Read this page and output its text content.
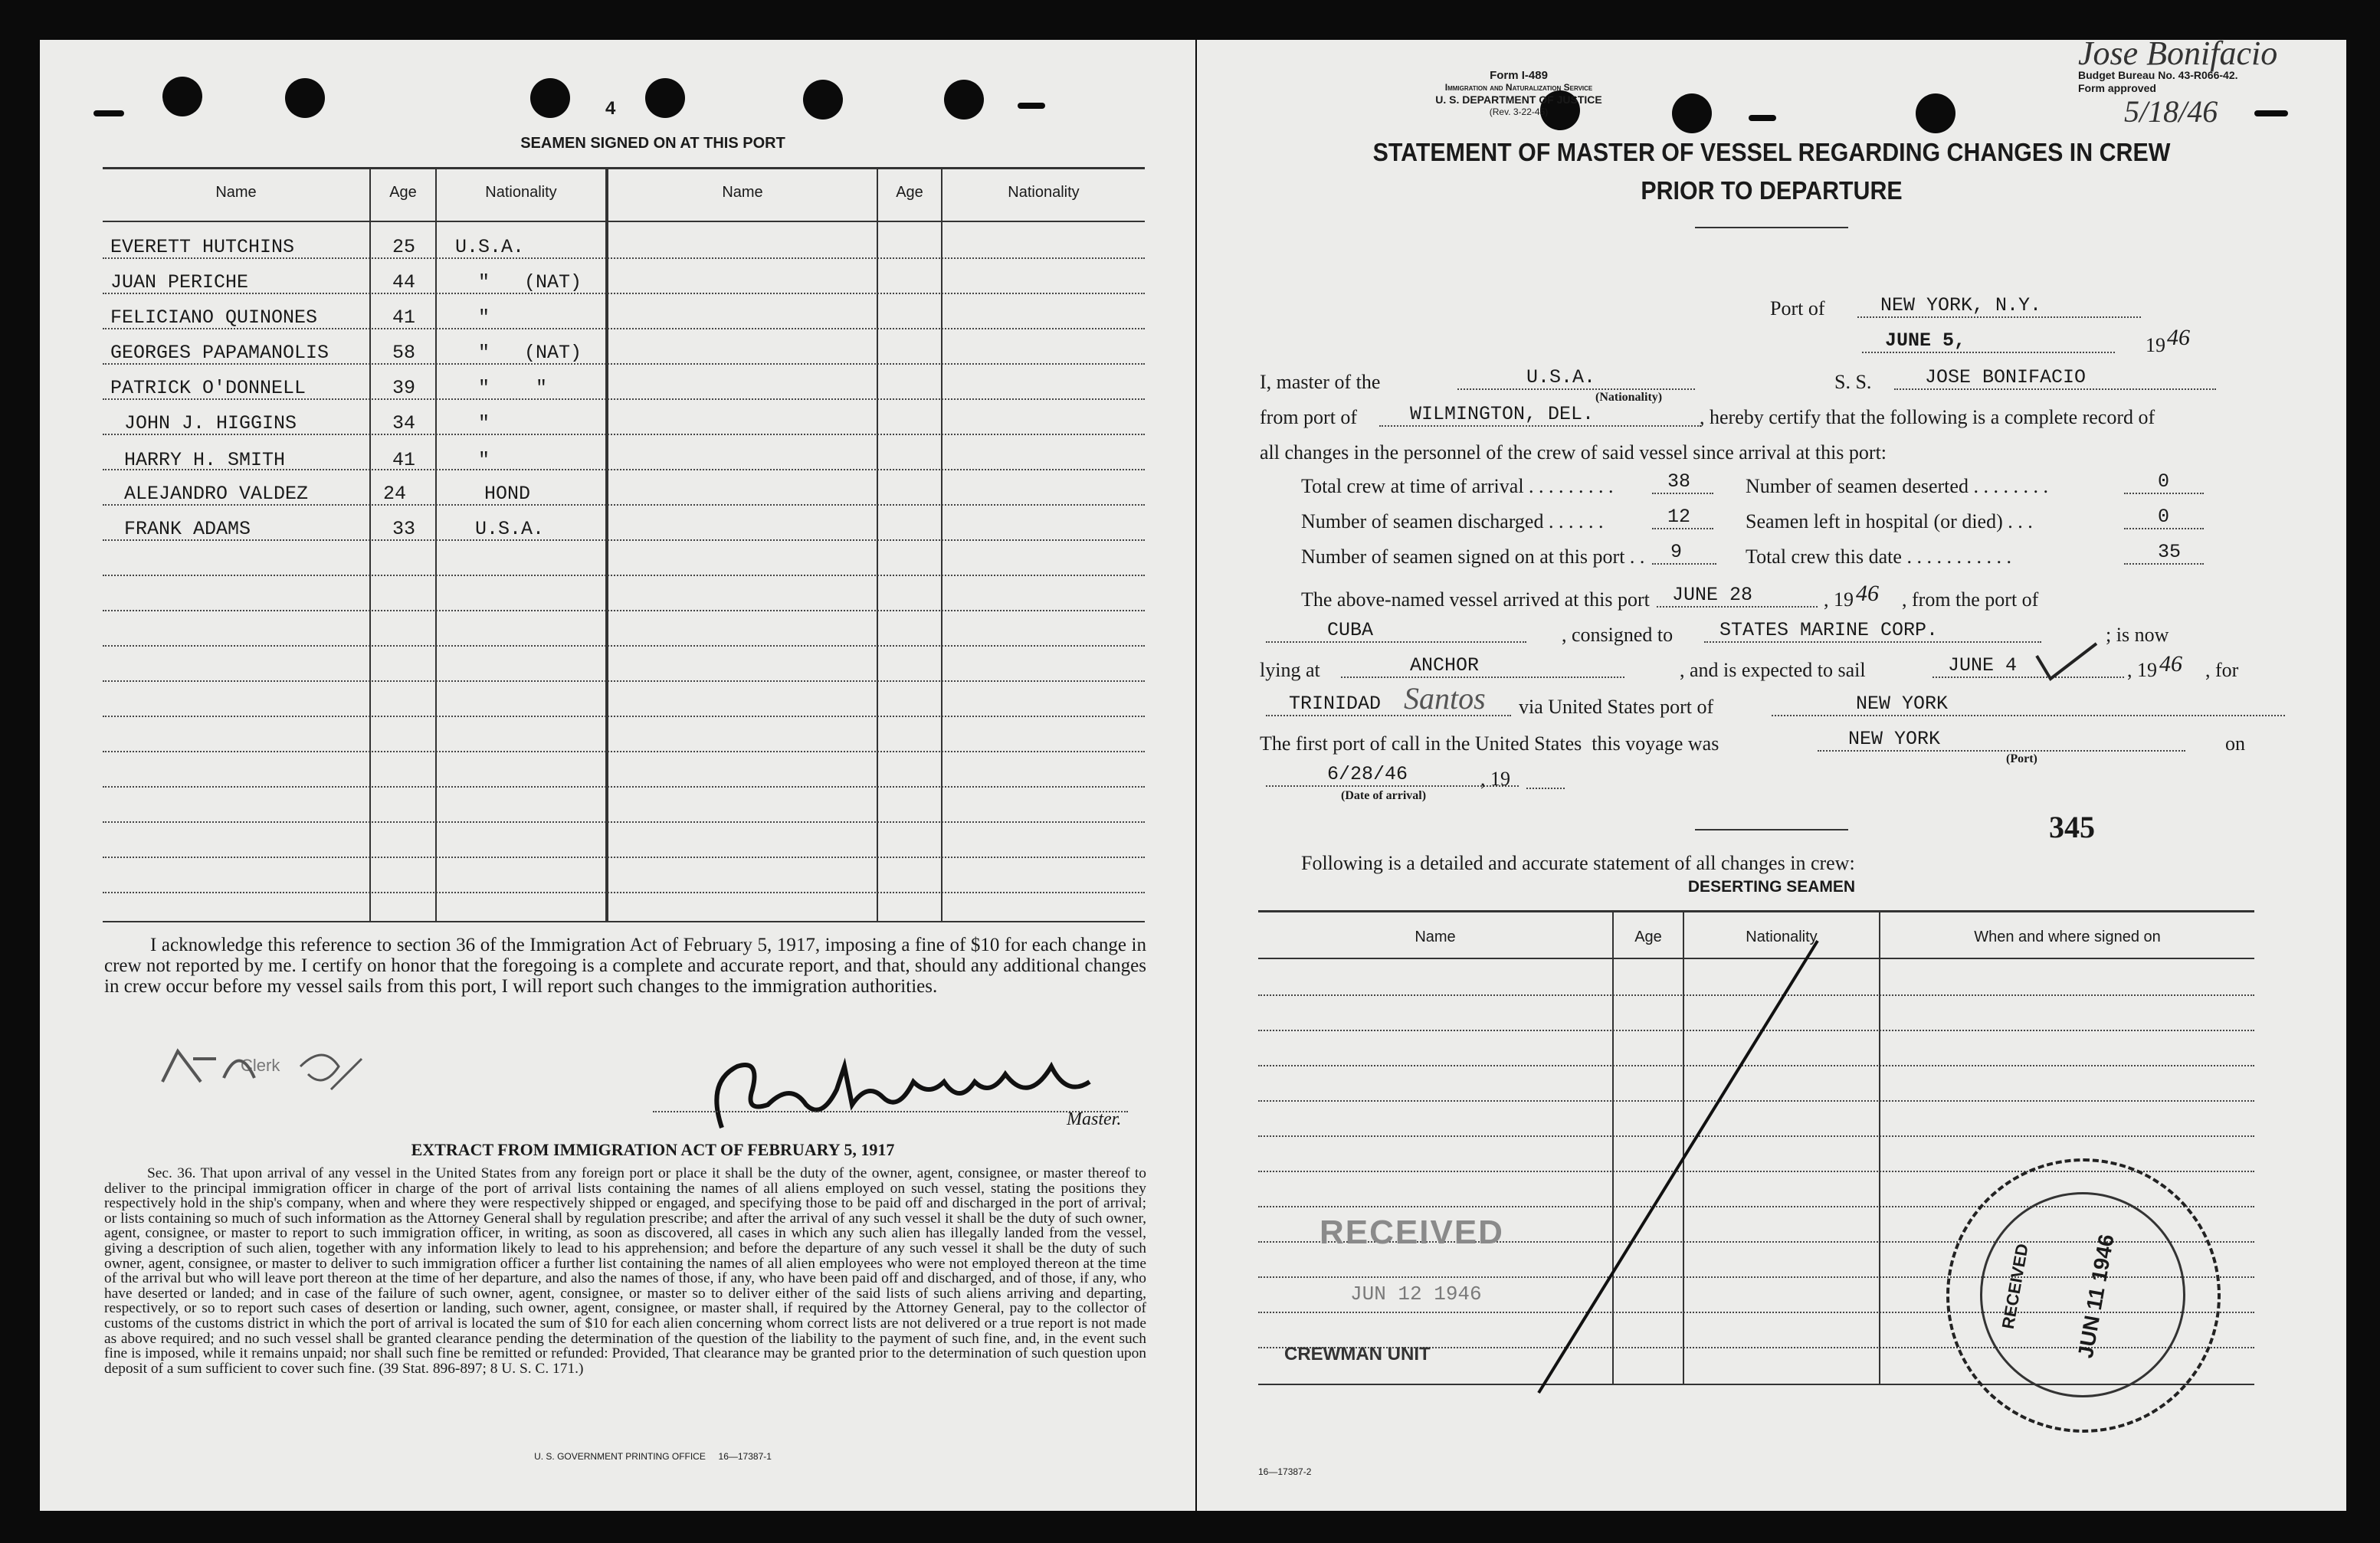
4
SEAMEN SIGNED ON AT THIS PORT
Name	Age	Nationality	Name	Age	Nationality
EVERETT HUTCHINS	25 U.S.A.
JUAN PERICHE	44	"   (NAT)
FELICIANO QUINONES	41	"
GEORGES PAPAMANOLIS	58	"   (NAT)
PATRICK O'DONNELL	39	"    "
JOHN J. HIGGINS	34	"
HARRY H. SMITH	41	"
ALEJANDRO VALDEZ	24	HOND
FRANK ADAMS	33	U.S.A.
I acknowledge this reference to section 36 of the Immigration Act of February 5, 1917, imposing a fine of $10 for each change in crew not reported by me. I certify on honor that the foregoing is a complete and accurate report, and that, should any additional changes in crew occur before my vessel sails from this port, I will report such changes to the immigration authorities.
Clerk
Master.
EXTRACT FROM IMMIGRATION ACT OF FEBRUARY 5, 1917
Sec. 36. That upon arrival of any vessel in the United States from any foreign port or place it shall be the duty of the owner, agent, consignee, or master thereof to deliver to the principal immigration officer in charge of the port of arrival lists containing the names of all aliens employed on such vessel, stating the positions they respectively hold in the ship's company, when and where they were respectively shipped or engaged, and specifying those to be paid off and discharged in the port of arrival; or lists containing so much of such information as the Attorney General shall by regulation prescribe; and after the arrival of any such vessel it shall be the duty of such owner, agent, consignee, or master to report to such immigration officer, in writing, as soon as discovered, all cases in which any such alien has illegally landed from the vessel, giving a description of such alien, together with any information likely to lead to his apprehension; and before the departure of any such vessel it shall be the duty of such owner, agent, consignee, or master to deliver to such immigration officer a further list containing the names of all alien employees who were not employed thereon at the time of the arrival but who will leave port thereon at the time of her departure, and also the names of those, if any, who have been paid off and discharged, and of those, if any, who have deserted or landed; and in case of the failure of such owner, agent, consignee, or master so to deliver either of the said lists of such aliens arriving and departing, respectively, or so to report such cases of desertion or landing, such owner, agent, consignee, or master shall, if required by the Attorney General, pay to the collector of customs of the customs district in which the port of arrival is located the sum of $10 for each alien concerning whom correct lists are not delivered or a true report is not made as above required; and no such vessel shall be granted clearance pending the determination of the question of the liability to the payment of such fine, and, in the event such fine is imposed, while it remains unpaid; nor shall such fine be remitted or refunded: Provided, That clearance may be granted prior to the determination of such question upon deposit of a sum sufficient to cover such fine. (39 Stat. 896-897; 8 U. S. C. 171.)
U. S. GOVERNMENT PRINTING OFFICE     16—17387-1
Form I-489
Immigration and Naturalization Service
U. S. DEPARTMENT OF JUSTICE
(Rev. 3-22-45)
Budget Bureau No. 43-R066-42.
Form approved
Jose Bonifacio
5/18/46
STATEMENT OF MASTER OF VESSEL REGARDING CHANGES IN CREW
PRIOR TO DEPARTURE
Port of	NEW YORK, N.Y.
JUNE 5,	19 46
I, master of the	U.S.A.
(Nationality)
S. S.	JOSE BONIFACIO
from port of	WILMINGTON, DEL.	, hereby certify that the following is a complete record of
all changes in the personnel of the crew of said vessel since arrival at this port:
Total crew at time of arrival . . . . . . . . .	38	Number of seamen deserted . . . . . . . .	0
Number of seamen discharged . . . . . .	12	Seamen left in hospital (or died) . . .	0
Number of seamen signed on at this port . .	9	Total crew this date . . . . . . . . . . .	35
The above-named vessel arrived at this port	JUNE 28	, 19 46 , from the port of
CUBA	, consigned to	STATES MARINE CORP.	; is now
lying at	ANCHOR	, and is expected to sail	JUNE 4	, 19 46 , for
TRINIDAD Santos via United States port of	NEW YORK
The first port of call in the United States  this voyage was	NEW YORK
(Port)
on
6/28/46	, 19
(Date of arrival)
345
Following is a detailed and accurate statement of all changes in crew:
DESERTING SEAMEN
Name	Age	Nationality	When and where signed on
RECEIVED
JUN 12 1946
CREWMAN UNIT
RECEIVED JUN 11 1946
16—17387-2
